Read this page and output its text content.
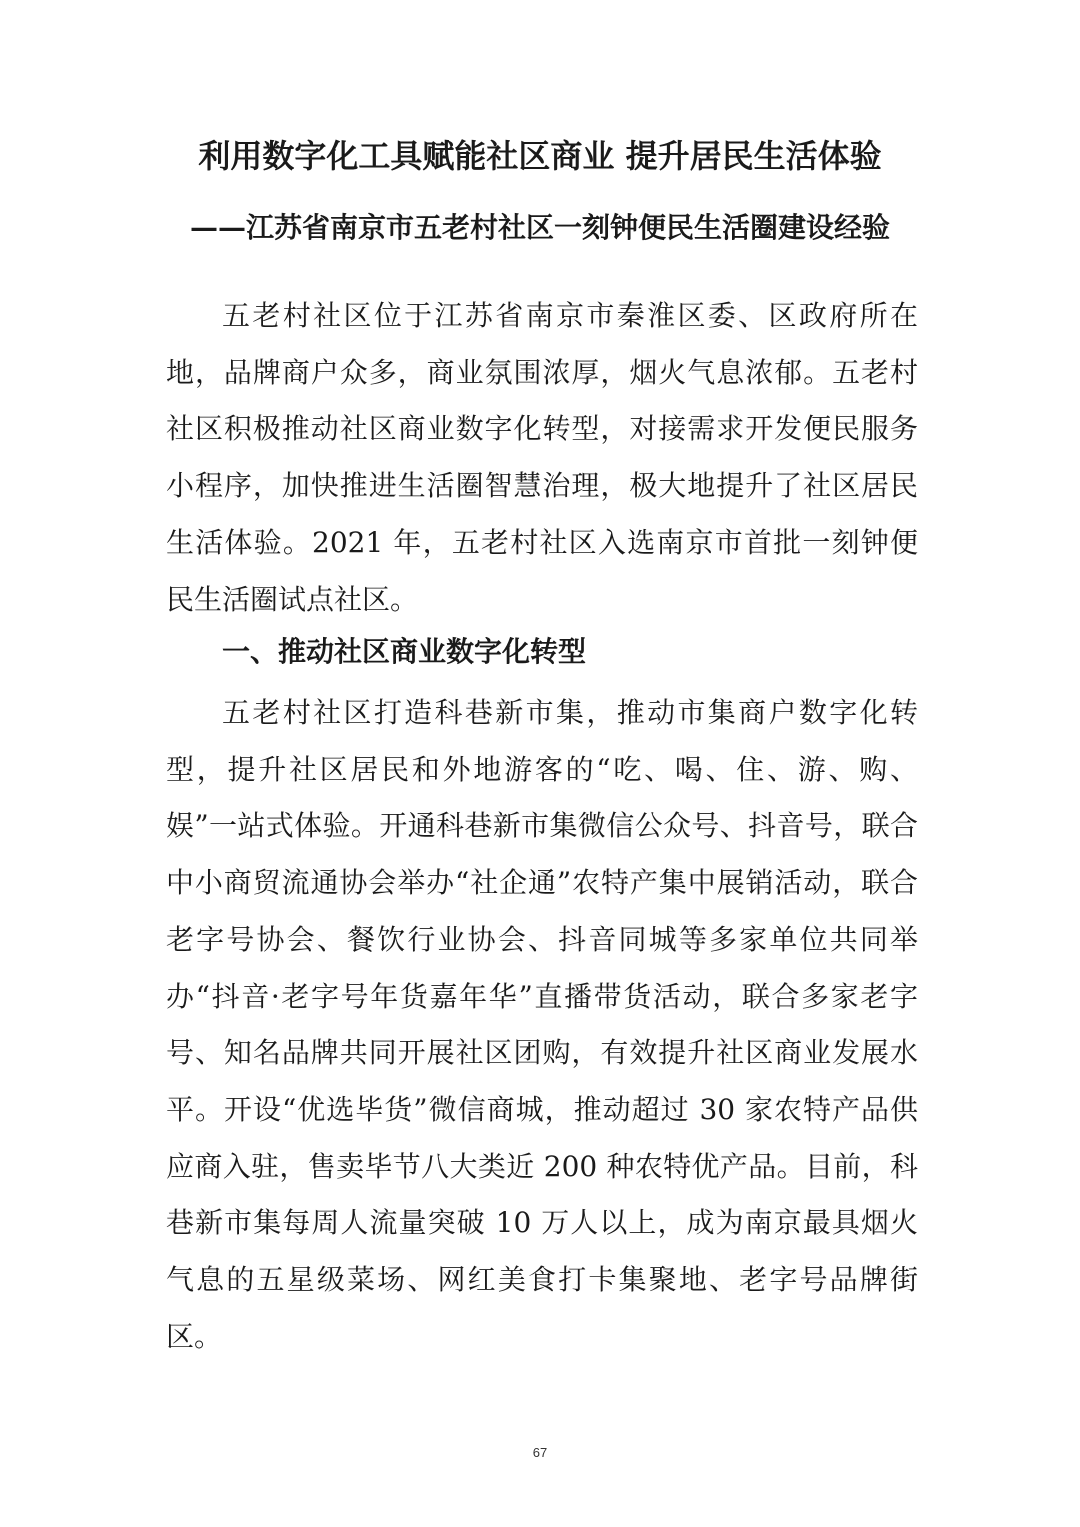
利用数字化工具赋能社区商业 提升居民生活体验
——江苏省南京市五老村社区一刻钟便民生活圈建设经验

五老村社区位于江苏省南京市秦淮区委、区政府所在地，品牌商户众多，商业氛围浓厚，烟火气息浓郁。五老村社区积极推动社区商业数字化转型，对接需求开发便民服务小程序，加快推进生活圈智慧治理，极大地提升了社区居民生活体验。2021 年，五老村社区入选南京市首批一刻钟便民生活圈试点社区。

一、推动社区商业数字化转型

五老村社区打造科巷新市集，推动市集商户数字化转型，提升社区居民和外地游客的“吃、喝、住、游、购、娱”一站式体验。开通科巷新市集微信公众号、抖音号，联合中小商贸流通协会举办“社企通”农特产集中展销活动，联合老字号协会、餐饮行业协会、抖音同城等多家单位共同举办“抖音·老字号年货嘉年华”直播带货活动，联合多家老字号、知名品牌共同开展社区团购，有效提升社区商业发展水平。开设“优选毕货”微信商城，推动超过 30 家农特产品供应商入驻，售卖毕节八大类近 200 种农特优产品。目前，科巷新市集每周人流量突破 10 万人以上，成为南京最具烟火气息的五星级菜场、网红美食打卡集聚地、老字号品牌街区。

67
